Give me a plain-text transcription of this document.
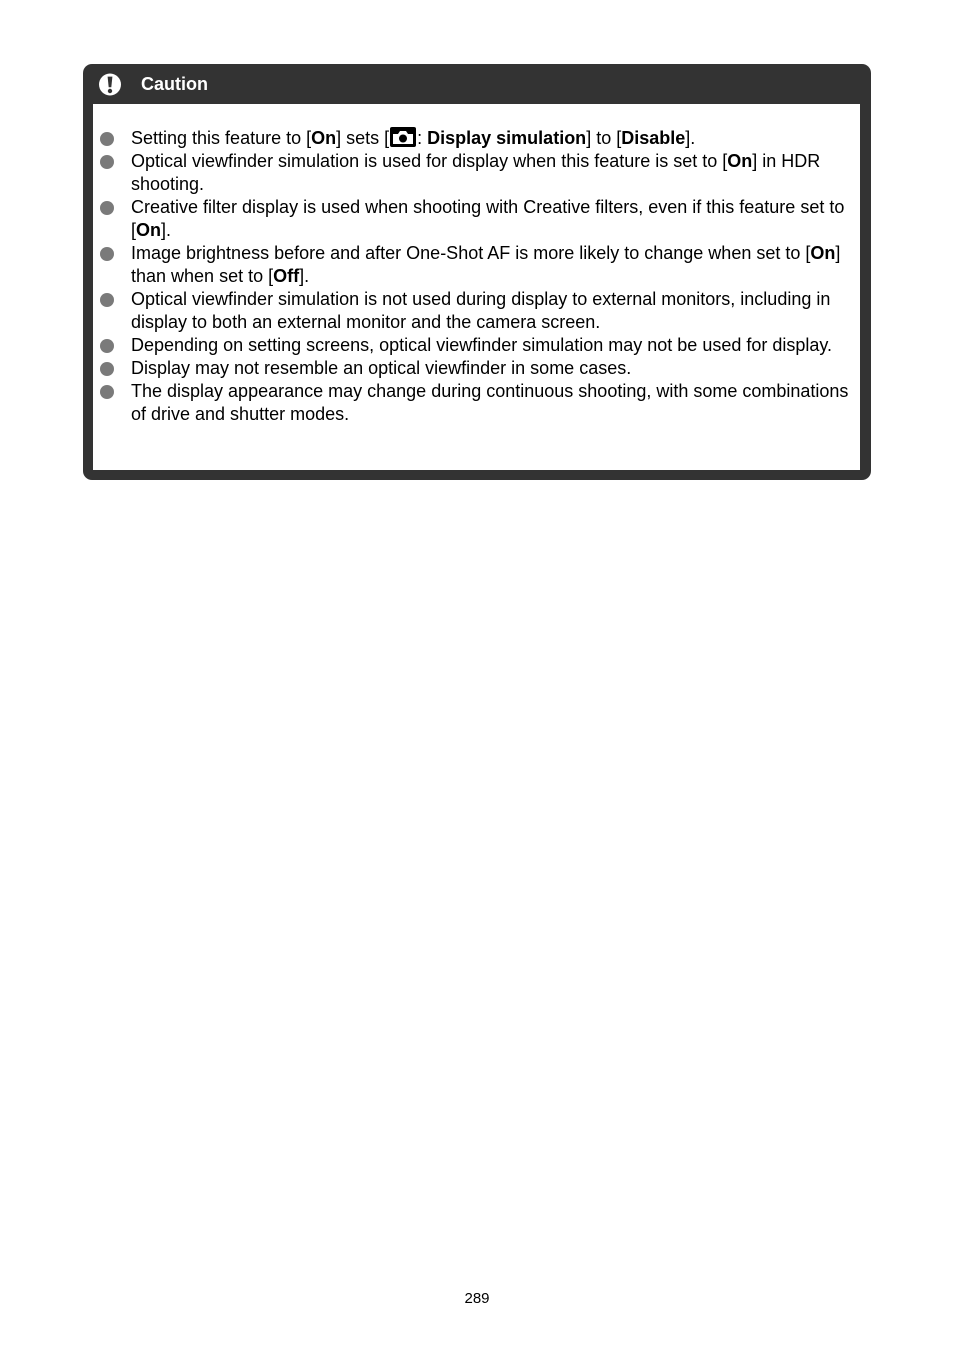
Caution
Setting this feature to [On] sets [ : Display simulation] to [Disable].
Optical viewfinder simulation is used for display when this feature is set to [On] in HDR shooting.
Creative filter display is used when shooting with Creative filters, even if this feature set to [On].
Image brightness before and after One-Shot AF is more likely to change when set to [On] than when set to [Off].
Optical viewfinder simulation is not used during display to external monitors, including in display to both an external monitor and the camera screen.
Depending on setting screens, optical viewfinder simulation may not be used for display.
Display may not resemble an optical viewfinder in some cases.
The display appearance may change during continuous shooting, with some combinations of drive and shutter modes.
289
